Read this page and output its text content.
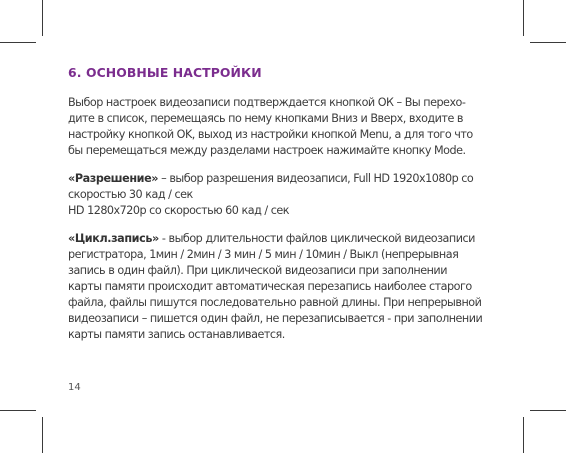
6. ОСНОВНЫЕ НАСТРОЙКИ

Выбор настроек видеозаписи подтверждается кнопкой ОК – Вы перехо-
дите в список, перемещаясь по нему кнопками Вниз и Вверх, входите в
настройку кнопкой OK, выход из настройки кнопкой Menu, а для того что
бы перемещаться между разделами настроек нажимайте кнопку Mode.

«Разрешение» – выбор разрешения видеозаписи, Full HD 1920х1080р со
скоростью 30 кад / сек
HD 1280х720р со скоростью 60 кад / сек

«Цикл.запись» - выбор длительности файлов циклической видеозаписи
регистратора, 1мин / 2мин / 3 мин / 5 мин / 10мин / Выкл (непрерывная
запись в один файл). При циклической видеозаписи при заполнении
карты памяти происходит автоматическая перезапись наиболее старого
файла, файлы пишутся последовательно равной длины. При непрерывной
видеозаписи – пишется один файл, не перезаписывается - при заполнении
карты памяти запись останавливается.

14
